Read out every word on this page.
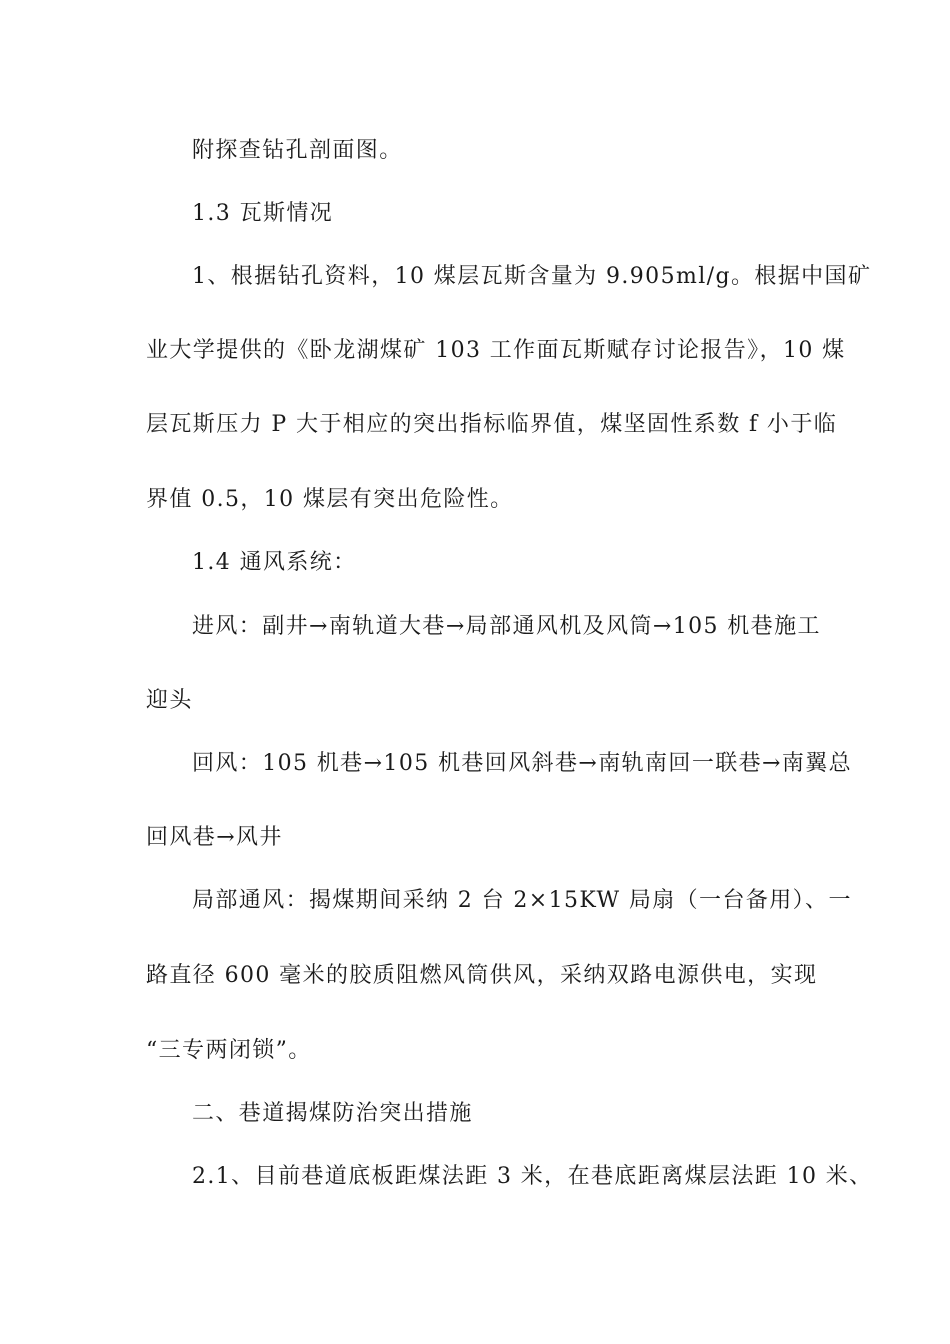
附探查钻孔剖面图。
1.3 瓦斯情况
1、根据钻孔资料，10 煤层瓦斯含量为 9.905ml/g。根据中国矿
业大学提供的《卧龙湖煤矿 103 工作面瓦斯赋存讨论报告》，10 煤
层瓦斯压力 P 大于相应的突出指标临界值，煤坚固性系数 f 小于临
界值 0.5，10 煤层有突出危险性。
1.4 通风系统：
进风：副井→南轨道大巷→局部通风机及风筒→105 机巷施工
迎头
回风：105 机巷→105 机巷回风斜巷→南轨南回一联巷→南翼总
回风巷→风井
局部通风：揭煤期间采纳 2 台 2×15KW 局扇（一台备用）、一
路直径 600 毫米的胶质阻燃风筒供风，采纳双路电源供电，实现
“三专两闭锁”。
二、巷道揭煤防治突出措施
2.1、目前巷道底板距煤法距 3 米，在巷底距离煤层法距 10 米、
